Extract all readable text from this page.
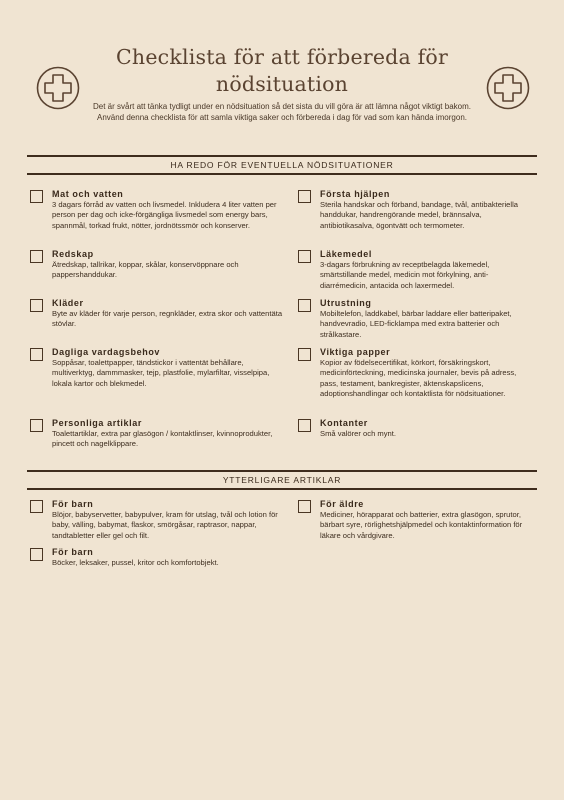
Checklista för att förbereda för nödsituation
Det är svårt att tänka tydligt under en nödsituation så det sista du vill göra är att lämna något viktigt bakom. Använd denna checklista för att samla viktiga saker och förbereda i dag för vad som kan hända imorgon.
HA REDO FÖR EVENTUELLA NÖDSITUATIONER
Mat och vatten
3 dagars förråd av vatten och livsmedel. Inkludera 4 liter vatten per person per dag och icke-förgängliga livsmedel som energy bars, spannmål, torkad frukt, nötter, jordnötssmör och konserver.
Första hjälpen
Sterila handskar och förband, bandage, tvål, antibakteriella handdukar, handrengörande medel, brännsalva, antibiotikasalva, ögontvätt och termometer.
Redskap
Ätredskap, tallrikar, koppar, skålar, konservöppnare och pappershanddukar.
Läkemedel
3-dagars förbrukning av receptbelagda läkemedel, smärtstillande medel, medicin mot förkylning, anti-diarrémedicin, antacida och laxermedel.
Kläder
Byte av kläder för varje person, regnkläder, extra skor och vattentäta stövlar.
Utrustning
Mobiltelefon, laddkabel, bärbar laddare eller batteripaket, handvevradio, LED-ficklampa med extra batterier och strålkastare.
Dagliga vardagsbehov
Soppåsar, toalettpapper, tändstickor i vattentät behållare, multiverktyg, dammmasker, tejp, plastfolie, mylarfiltar, visselpipa, lokala kartor och blekmedel.
Viktiga papper
Kopior av födelsecertifikat, körkort, försäkringskort, medicinförteckning, medicinska journaler, bevis på adress, pass, testament, bankregister, äktenskapslicens, adoptionshandlingar och kontaktlista för nödsituationer.
Personliga artiklar
Toalettartiklar, extra par glasögon / kontaktlinser, kvinnoprodukter, pincett och nagelklippare.
Kontanter
Små valörer och mynt.
YTTERLIGARE ARTIKLAR
För barn
Blöjor, babyservetter, babypulver, kram för utslag, tvål och lotion för baby, välling, babymat, flaskor, smörgåsar, raptrasor, nappar, tandtabletter eller gel och filt.
För äldre
Mediciner, hörapparat och batterier, extra glasögon, sprutor, bärbart syre, rörlighetshjälpmedel och kontaktinformation för läkare och vårdgivare.
För barn
Böcker, leksaker, pussel, kritor och komfortobjekt.
